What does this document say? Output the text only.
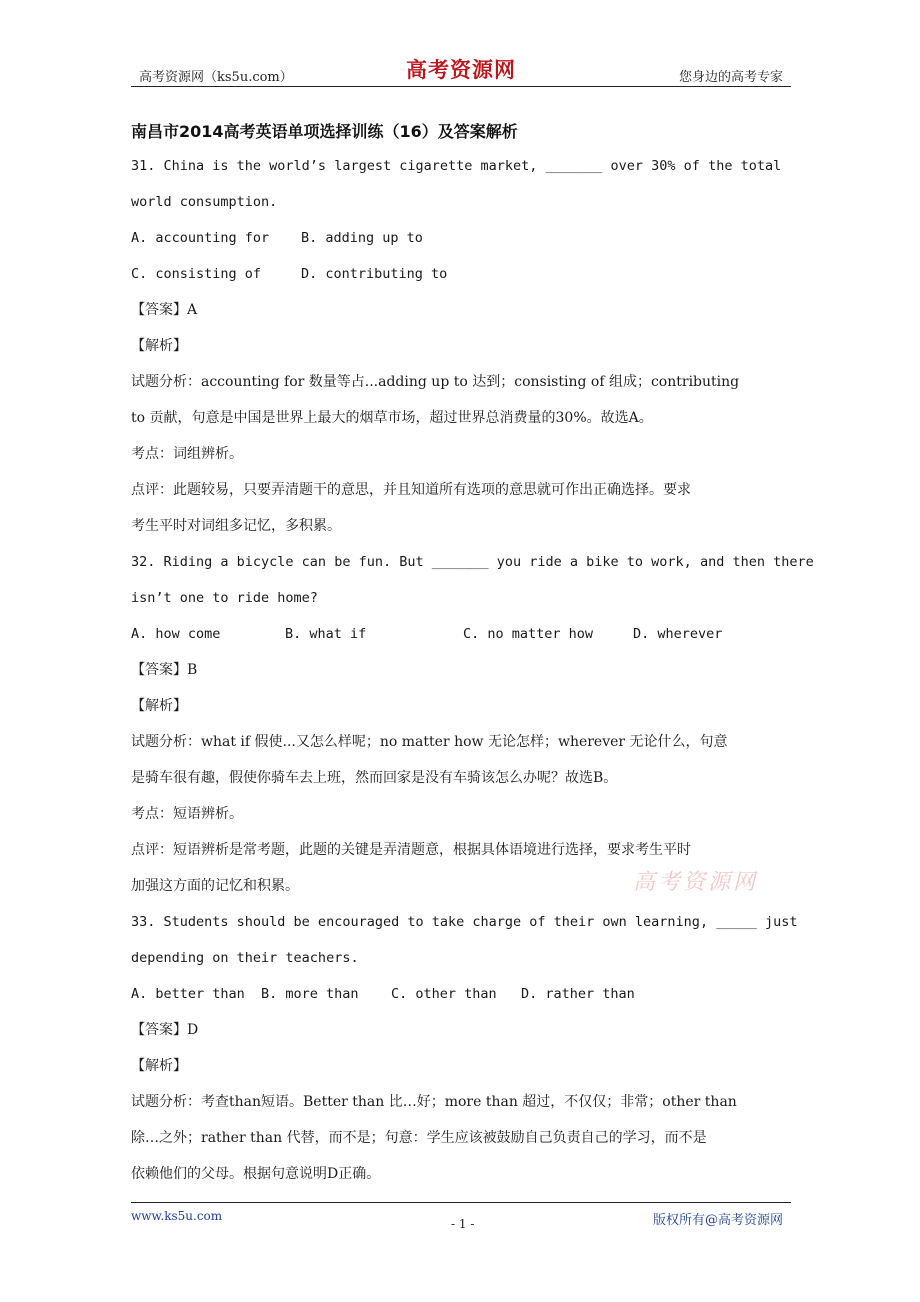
高考资源网（ks5u.com）	高考资源网	您身边的高考专家
南昌市2014高考英语单项选择训练（16）及答案解析
31. China is the world’s largest cigarette market, _______ over 30% of the total
world consumption.
A. accounting for	B. adding up to
C. consisting of	D. contributing to
【答案】A
【解析】
试题分析：accounting for 数量等占...adding up to 达到；consisting of 组成；contributing
to 贡献，句意是中国是世界上最大的烟草市场，超过世界总消费量的30%。故选A。
考点：词组辨析。
点评：此题较易，只要弄清题干的意思，并且知道所有选项的意思就可作出正确选择。要求
考生平时对词组多记忆，多积累。
32. Riding a bicycle can be fun. But _______ you ride a bike to work, and then there
isn’t one to ride home?
A. how come	B. what if	C. no matter how	D. wherever
【答案】B
【解析】
试题分析：what if 假使...又怎么样呢；no matter how 无论怎样；wherever 无论什么，句意
是骑车很有趣，假使你骑车去上班，然而回家是没有车骑该怎么办呢？故选B。
考点：短语辨析。
点评：短语辨析是常考题，此题的关键是弄清题意，根据具体语境进行选择，要求考生平时
加强这方面的记忆和积累。
33. Students should be encouraged to take charge of their own learning, _____ just
depending on their teachers.
A. better than	B. more than	C. other than	D. rather than
【答案】D
【解析】
试题分析：考查than短语。Better than 比…好；more than 超过，不仅仅；非常；other than
除…之外；rather than 代替，而不是；句意：学生应该被鼓励自己负责自己的学习，而不是
依赖他们的父母。根据句意说明D正确。
高考资源网
www.ks5u.com
- 1 -	版权所有@高考资源网
